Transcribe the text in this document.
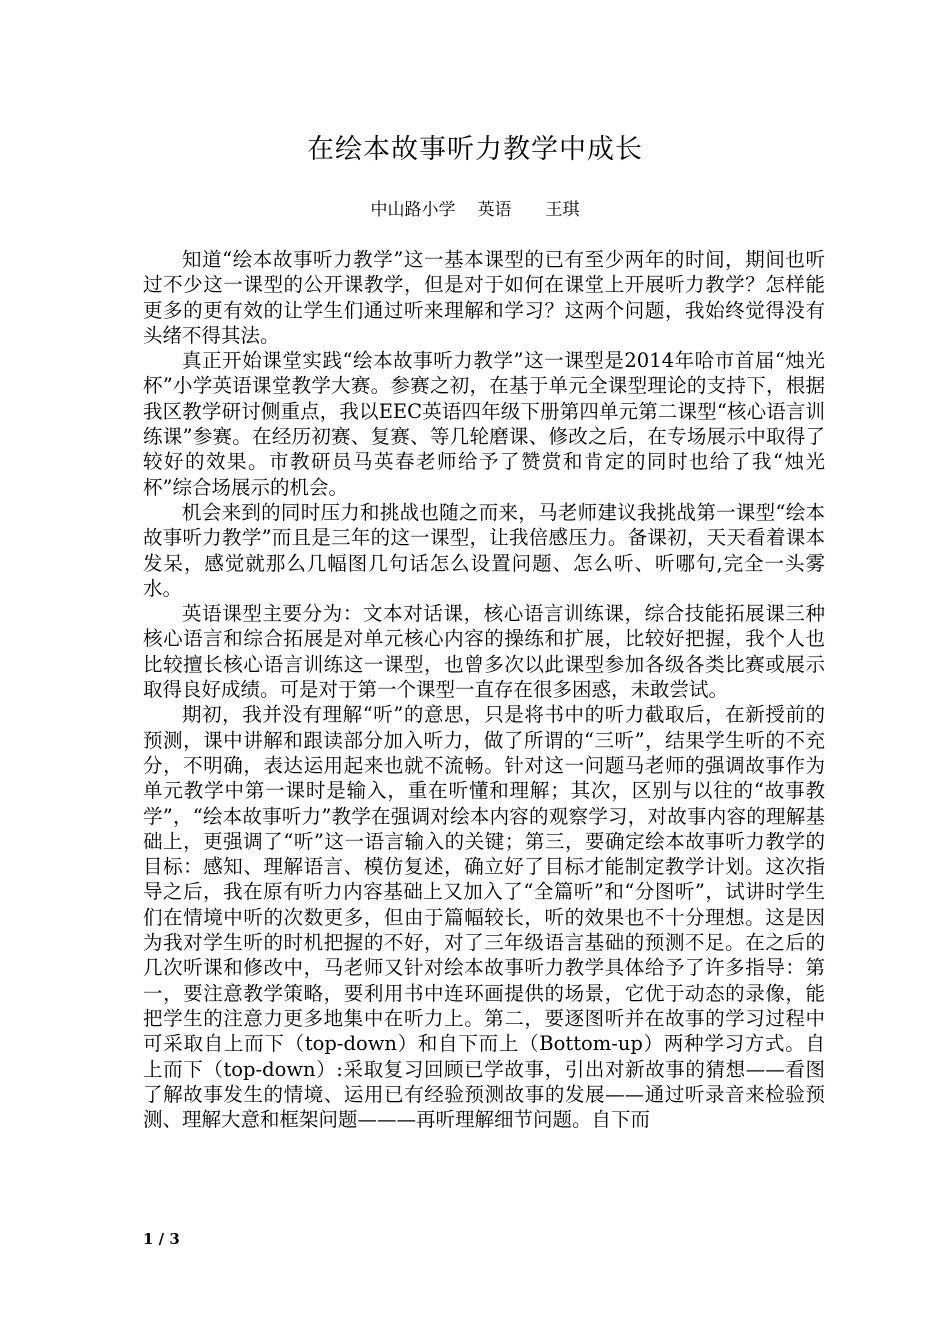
在绘本故事听力教学中成长
中山路小学 英语 王琪

知道“绘本故事听力教学”这一基本课型的已有至少两年的时间，期间也听过不少这一课型的公开课教学，但是对于如何在课堂上开展听力教学？怎样能更多的更有效的让学生们通过听来理解和学习？这两个问题，我始终觉得没有头绪不得其法。

真正开始课堂实践“绘本故事听力教学”这一课型是2014年哈市首届“烛光杯”小学英语课堂教学大赛。参赛之初，在基于单元全课型理论的支持下，根据我区教学研讨侧重点，我以EEC英语四年级下册第四单元第二课型“核心语言训练课”参赛。在经历初赛、复赛、等几轮磨课、修改之后，在专场展示中取得了较好的效果。市教研员马英春老师给予了赞赏和肯定的同时也给了我“烛光杯”综合场展示的机会。

机会来到的同时压力和挑战也随之而来，马老师建议我挑战第一课型“绘本故事听力教学”而且是三年的这一课型，让我倍感压力。备课初，天天看着课本发呆，感觉就那么几幅图几句话怎么设置问题、怎么听、听哪句,完全一头雾水。

英语课型主要分为：文本对话课，核心语言训练课，综合技能拓展课三种核心语言和综合拓展是对单元核心内容的操练和扩展，比较好把握，我个人也比较擅长核心语言训练这一课型，也曾多次以此课型参加各级各类比赛或展示取得良好成绩。可是对于第一个课型一直存在很多困惑，未敢尝试。

期初，我并没有理解“听”的意思，只是将书中的听力截取后，在新授前的预测，课中讲解和跟读部分加入听力，做了所谓的“三听”，结果学生听的不充分，不明确，表达运用起来也就不流畅。针对这一问题马老师的强调故事作为单元教学中第一课时是输入，重在听懂和理解；其次，区别与以往的“故事教学”，“绘本故事听力”教学在强调对绘本内容的观察学习，对故事内容的理解基础上，更强调了“听”这一语言输入的关键；第三，要确定绘本故事听力教学的目标：感知、理解语言、模仿复述，确立好了目标才能制定教学计划。这次指导之后，我在原有听力内容基础上又加入了“全篇听”和“分图听”，试讲时学生们在情境中听的次数更多，但由于篇幅较长，听的效果也不十分理想。这是因为我对学生听的时机把握的不好，对了三年级语言基础的预测不足。在之后的几次听课和修改中，马老师又针对绘本故事听力教学具体给予了许多指导：第一，要注意教学策略，要利用书中连环画提供的场景，它优于动态的录像，能把学生的注意力更多地集中在听力上。第二，要逐图听并在故事的学习过程中可采取自上而下（top-down）和自下而上（Bottom-up）两种学习方式。自上而下（top-down）:采取复习回顾已学故事，引出对新故事的猜想——看图了解故事发生的情境、运用已有经验预测故事的发展——通过听录音来检验预测、理解大意和框架问题———再听理解细节问题。自下而

1 / 3
